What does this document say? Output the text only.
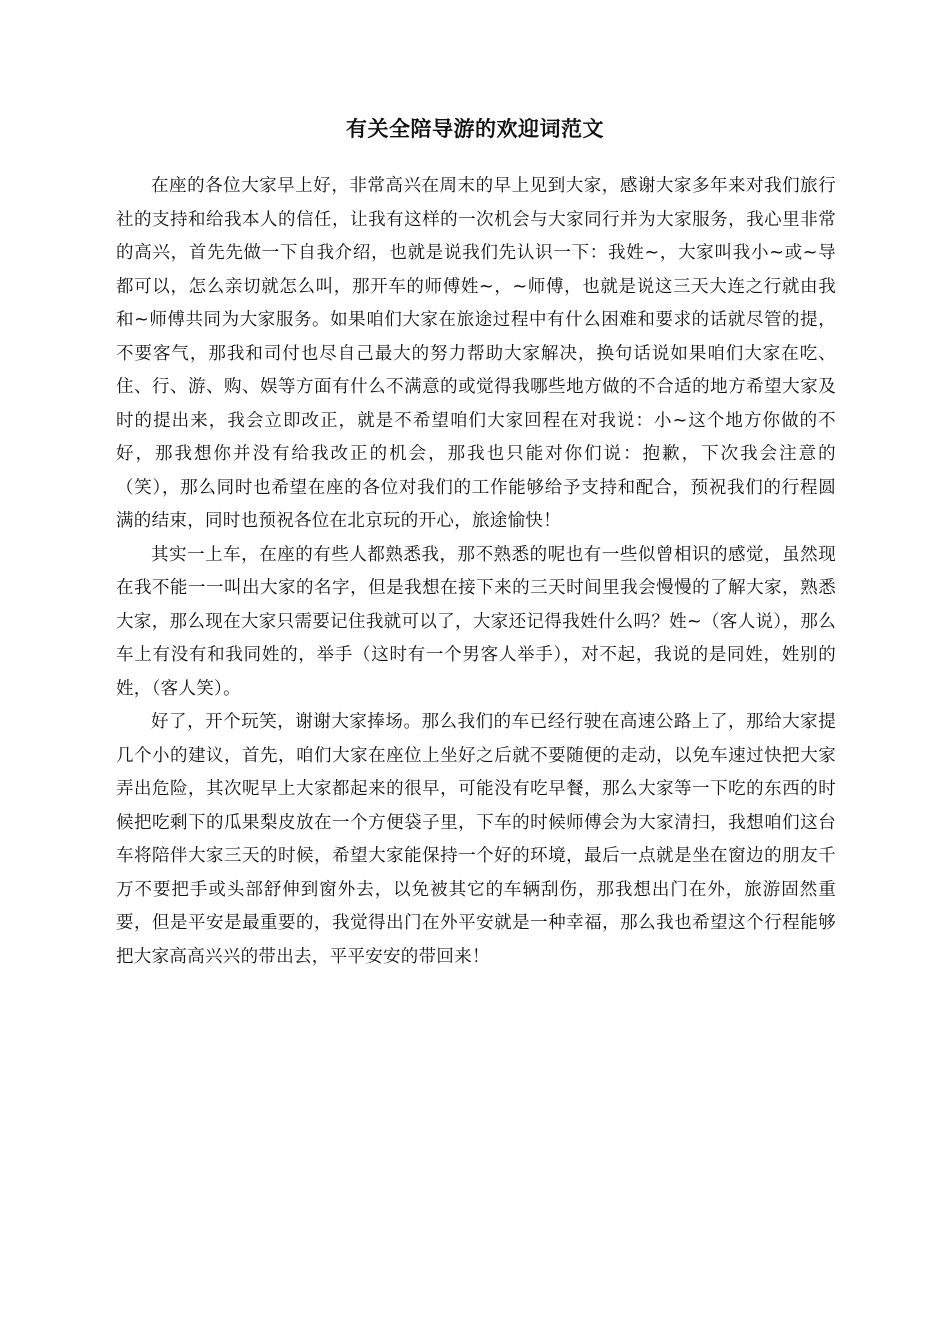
有关全陪导游的欢迎词范文

在座的各位大家早上好，非常高兴在周末的早上见到大家，感谢大家多年来对我们旅行社的支持和给我本人的信任，让我有这样的一次机会与大家同行并为大家服务，我心里非常的高兴，首先先做一下自我介绍，也就是说我们先认识一下：我姓~，大家叫我小~或~导都可以，怎么亲切就怎么叫，那开车的师傅姓~，~师傅，也就是说这三天大连之行就由我和~师傅共同为大家服务。如果咱们大家在旅途过程中有什么困难和要求的话就尽管的提，不要客气，那我和司付也尽自己最大的努力帮助大家解决，换句话说如果咱们大家在吃、住、行、游、购、娱等方面有什么不满意的或觉得我哪些地方做的不合适的地方希望大家及时的提出来，我会立即改正，就是不希望咱们大家回程在对我说：小~这个地方你做的不好，那我想你并没有给我改正的机会，那我也只能对你们说：抱歉，下次我会注意的（笑），那么同时也希望在座的各位对我们的工作能够给予支持和配合，预祝我们的行程圆满的结束，同时也预祝各位在北京玩的开心，旅途愉快！

其实一上车，在座的有些人都熟悉我，那不熟悉的呢也有一些似曾相识的感觉，虽然现在我不能一一叫出大家的名字，但是我想在接下来的三天时间里我会慢慢的了解大家，熟悉大家，那么现在大家只需要记住我就可以了，大家还记得我姓什么吗？姓~（客人说），那么车上有没有和我同姓的，举手（这时有一个男客人举手），对不起，我说的是同姓，姓别的姓，（客人笑）。

好了，开个玩笑，谢谢大家捧场。那么我们的车已经行驶在高速公路上了，那给大家提几个小的建议，首先，咱们大家在座位上坐好之后就不要随便的走动，以免车速过快把大家弄出危险，其次呢早上大家都起来的很早，可能没有吃早餐，那么大家等一下吃的东西的时候把吃剩下的瓜果梨皮放在一个方便袋子里，下车的时候师傅会为大家清扫，我想咱们这台车将陪伴大家三天的时候，希望大家能保持一个好的环境，最后一点就是坐在窗边的朋友千万不要把手或头部舒伸到窗外去，以免被其它的车辆刮伤，那我想出门在外，旅游固然重要，但是平安是最重要的，我觉得出门在外平安就是一种幸福，那么我也希望这个行程能够把大家高高兴兴的带出去，平平安安的带回来！
